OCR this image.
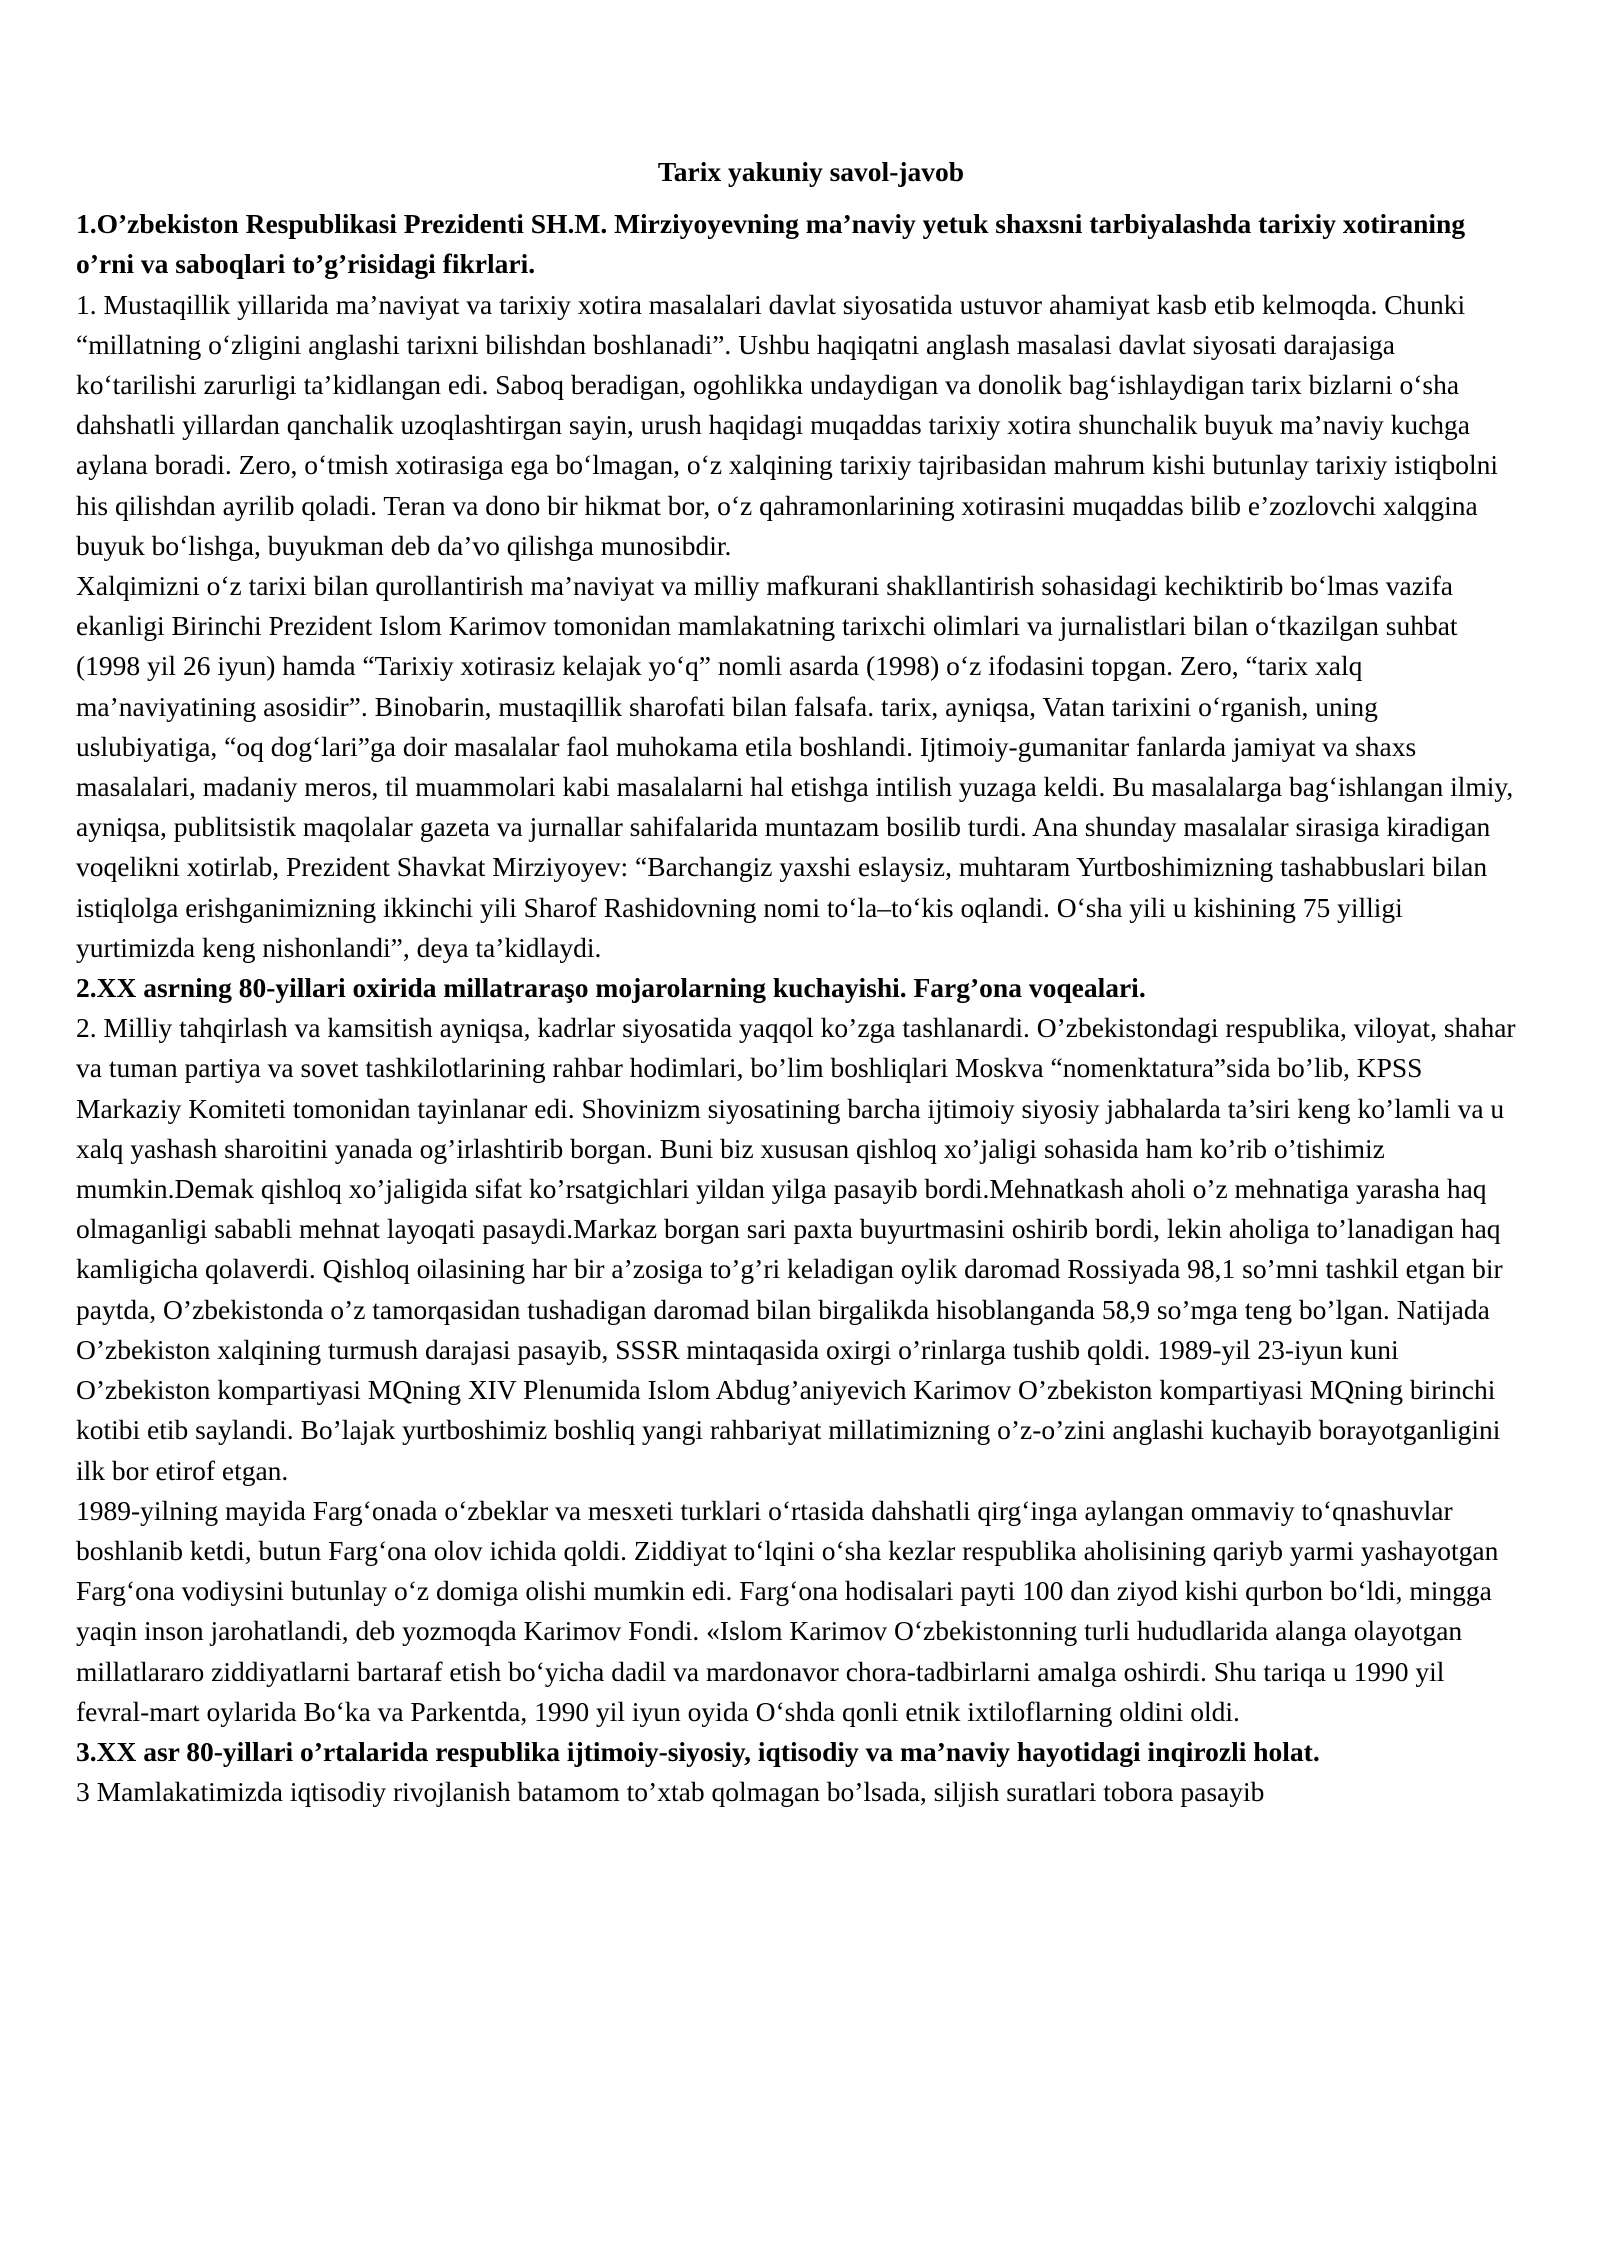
Tarix yakuniy savol-javob
1.O’zbekiston Respublikasi Prezidenti SH.M. Mirziyoyevning ma’naviy yetuk shaxsni tarbiyalashda tarixiy xotiraning o’rni va saboqlari to’g’risidagi fikrlari.
1. Mustaqillik yillarida ma’naviyat va tarixiy xotira masalalari davlat siyosatida ustuvor ahamiyat kasb etib kelmoqda. Chunki “millatning o‘zligini anglashi tarixni bilishdan boshlanadi”. Ushbu haqiqatni anglash masalasi davlat siyosati darajasiga ko‘tarilishi zarurligi ta’kidlangan edi. Saboq beradigan, ogohlikka undaydigan va donolik bag‘ishlaydigan tarix bizlarni o‘sha dahshatli yillardan qanchalik uzoqlashtirgan sayin, urush haqidagi muqaddas tarixiy xotira shunchalik buyuk ma’naviy kuchga aylana boradi. Zero, o‘tmish xotirasiga ega bo‘lmagan, o‘z xalqining tarixiy tajribasidan mahrum kishi butunlay tarixiy istiqbolni his qilishdan ayrilib qoladi. Teran va dono bir hikmat bor, o‘z qahramonlarining xotirasini muqaddas bilib e’zozlovchi xalqgina buyuk bo‘lishga, buyukman deb da’vo qilishga munosibdir.
Xalqimizni o‘z tarixi bilan qurollantirish ma’naviyat va milliy mafkurani shakllantirish sohasidagi kechiktirib bo‘lmas vazifa ekanligi Birinchi Prezident Islom Karimov tomonidan mamlakatning tarixchi olimlari va jurnalistlari bilan o‘tkazilgan suhbat (1998 yil 26 iyun) hamda “Tarixiy xotirasiz kelajak yo‘q” nomli asarda (1998) o‘z ifodasini topgan. Zero, “tarix xalq ma’naviyatining asosidir”. Binobarin, mustaqillik sharofati bilan falsafa. tarix, ayniqsa, Vatan tarixini o‘rganish, uning uslubiyatiga, “oq dog‘lari”ga doir masalalar faol muhokama etila boshlandi. Ijtimoiy-gumanitar fanlarda jamiyat va shaxs masalalari, madaniy meros, til muammolari kabi masalalarni hal etishga intilish yuzaga keldi. Bu masalalarga bag‘ishlangan ilmiy, ayniqsa, publitsistik maqolalar gazeta va jurnallar sahifalarida muntazam bosilib turdi. Ana shunday masalalar sirasiga kiradigan voqelikni xotirlab, Prezident Shavkat Mirziyoyev: “Barchangiz yaxshi eslaysiz, muhtaram Yurtboshimizning tashabbuslari bilan istiqlolga erishganimizning ikkinchi yili Sharof Rashidovning nomi to‘la–to‘kis oqlandi. O‘sha yili u kishining 75 yilligi yurtimizda keng nishonlandi”, deya ta’kidlaydi.
2.XX asrning 80-yillari oxirida millatraraşo mojarolarning kuchayishi. Farg’ona voqealari.
2. Milliy tahqirlash va kamsitish ayniqsa, kadrlar siyosatida yaqqol ko’zga tashlanardi. O’zbekistondagi respublika, viloyat, shahar va tuman partiya va sovet tashkilotlarining rahbar hodimlari, bo’lim boshliqlari Moskva “nomenktatura”sida bo’lib, KPSS Markaziy Komiteti tomonidan tayinlanar edi. Shovinizm siyosatining barcha ijtimoiy siyosiy jabhalarda ta’siri keng ko’lamli va u xalq yashash sharoitini yanada og’irlashtirib borgan. Buni biz xususan qishloq xo’jaligi sohasida ham ko’rib o’tishimiz mumkin.Demak qishloq xo’jaligida sifat ko’rsatgichlari yildan yilga pasayib bordi.Mehnatkash aholi o’z mehnatiga yarasha haq olmaganligi sababli mehnat layoqati pasaydi.Markaz borgan sari paxta buyurtmasini oshirib bordi, lekin aholiga to’lanadigan haq kamligicha qolaverdi. Qishloq oilasining har bir a’zosiga to’g’ri keladigan oylik daromad Rossiyada 98,1 so’mni tashkil etgan bir paytda, O’zbekistonda o’z tamorqasidan tushadigan daromad bilan birgalikda hisoblanganda 58,9 so’mga teng bo’lgan. Natijada O’zbekiston xalqining turmush darajasi pasayib, SSSR mintaqasida oxirgi o’rinlarga tushib qoldi. 1989-yil 23-iyun kuni O’zbekiston kompartiyasi MQning XIV Plenumida Islom Abdug’aniyevich Karimov O’zbekiston kompartiyasi MQning birinchi kotibi etib saylandi. Bo’lajak yurtboshimiz boshliq yangi rahbariyat millatimizning o’z-o’zini anglashi kuchayib borayotganligini ilk bor etirof etgan.
1989-yilning mayida Farg‘onada o‘zbeklar va mesxeti turklari o‘rtasida dahshatli qirg‘inga aylangan ommaviy to‘qnashuvlar boshlanib ketdi, butun Farg‘ona olov ichida qoldi. Ziddiyat to‘lqini o‘sha kezlar respublika aholisining qariyb yarmi yashayotgan Farg‘ona vodiysini butunlay o‘z domiga olishi mumkin edi. Farg‘ona hodisalari payti 100 dan ziyod kishi qurbon bo‘ldi, mingga yaqin inson jarohatlandi, deb yozmoqda Karimov Fondi. «Islom Karimov O‘zbekistonning turli hududlarida alanga olayotgan millatlararo ziddiyatlarni bartaraf etish bo‘yicha dadil va mardonavor chora-tadbirlarni amalga oshirdi. Shu tariqa u 1990 yil fevral-mart oylarida Bo‘ka va Parkentda, 1990 yil iyun oyida O‘shda qonli etnik ixtiloflarning oldini oldi.
3.XX asr 80-yillari o’rtalarida respublika ijtimoiy-siyosiy, iqtisodiy va ma’naviy hayotidagi inqirozli holat.
3 Mamlakatimizda iqtisodiy rivojlanish batamom to’xtab qolmagan bo’lsada, siljish suratlari tobora pasayib
